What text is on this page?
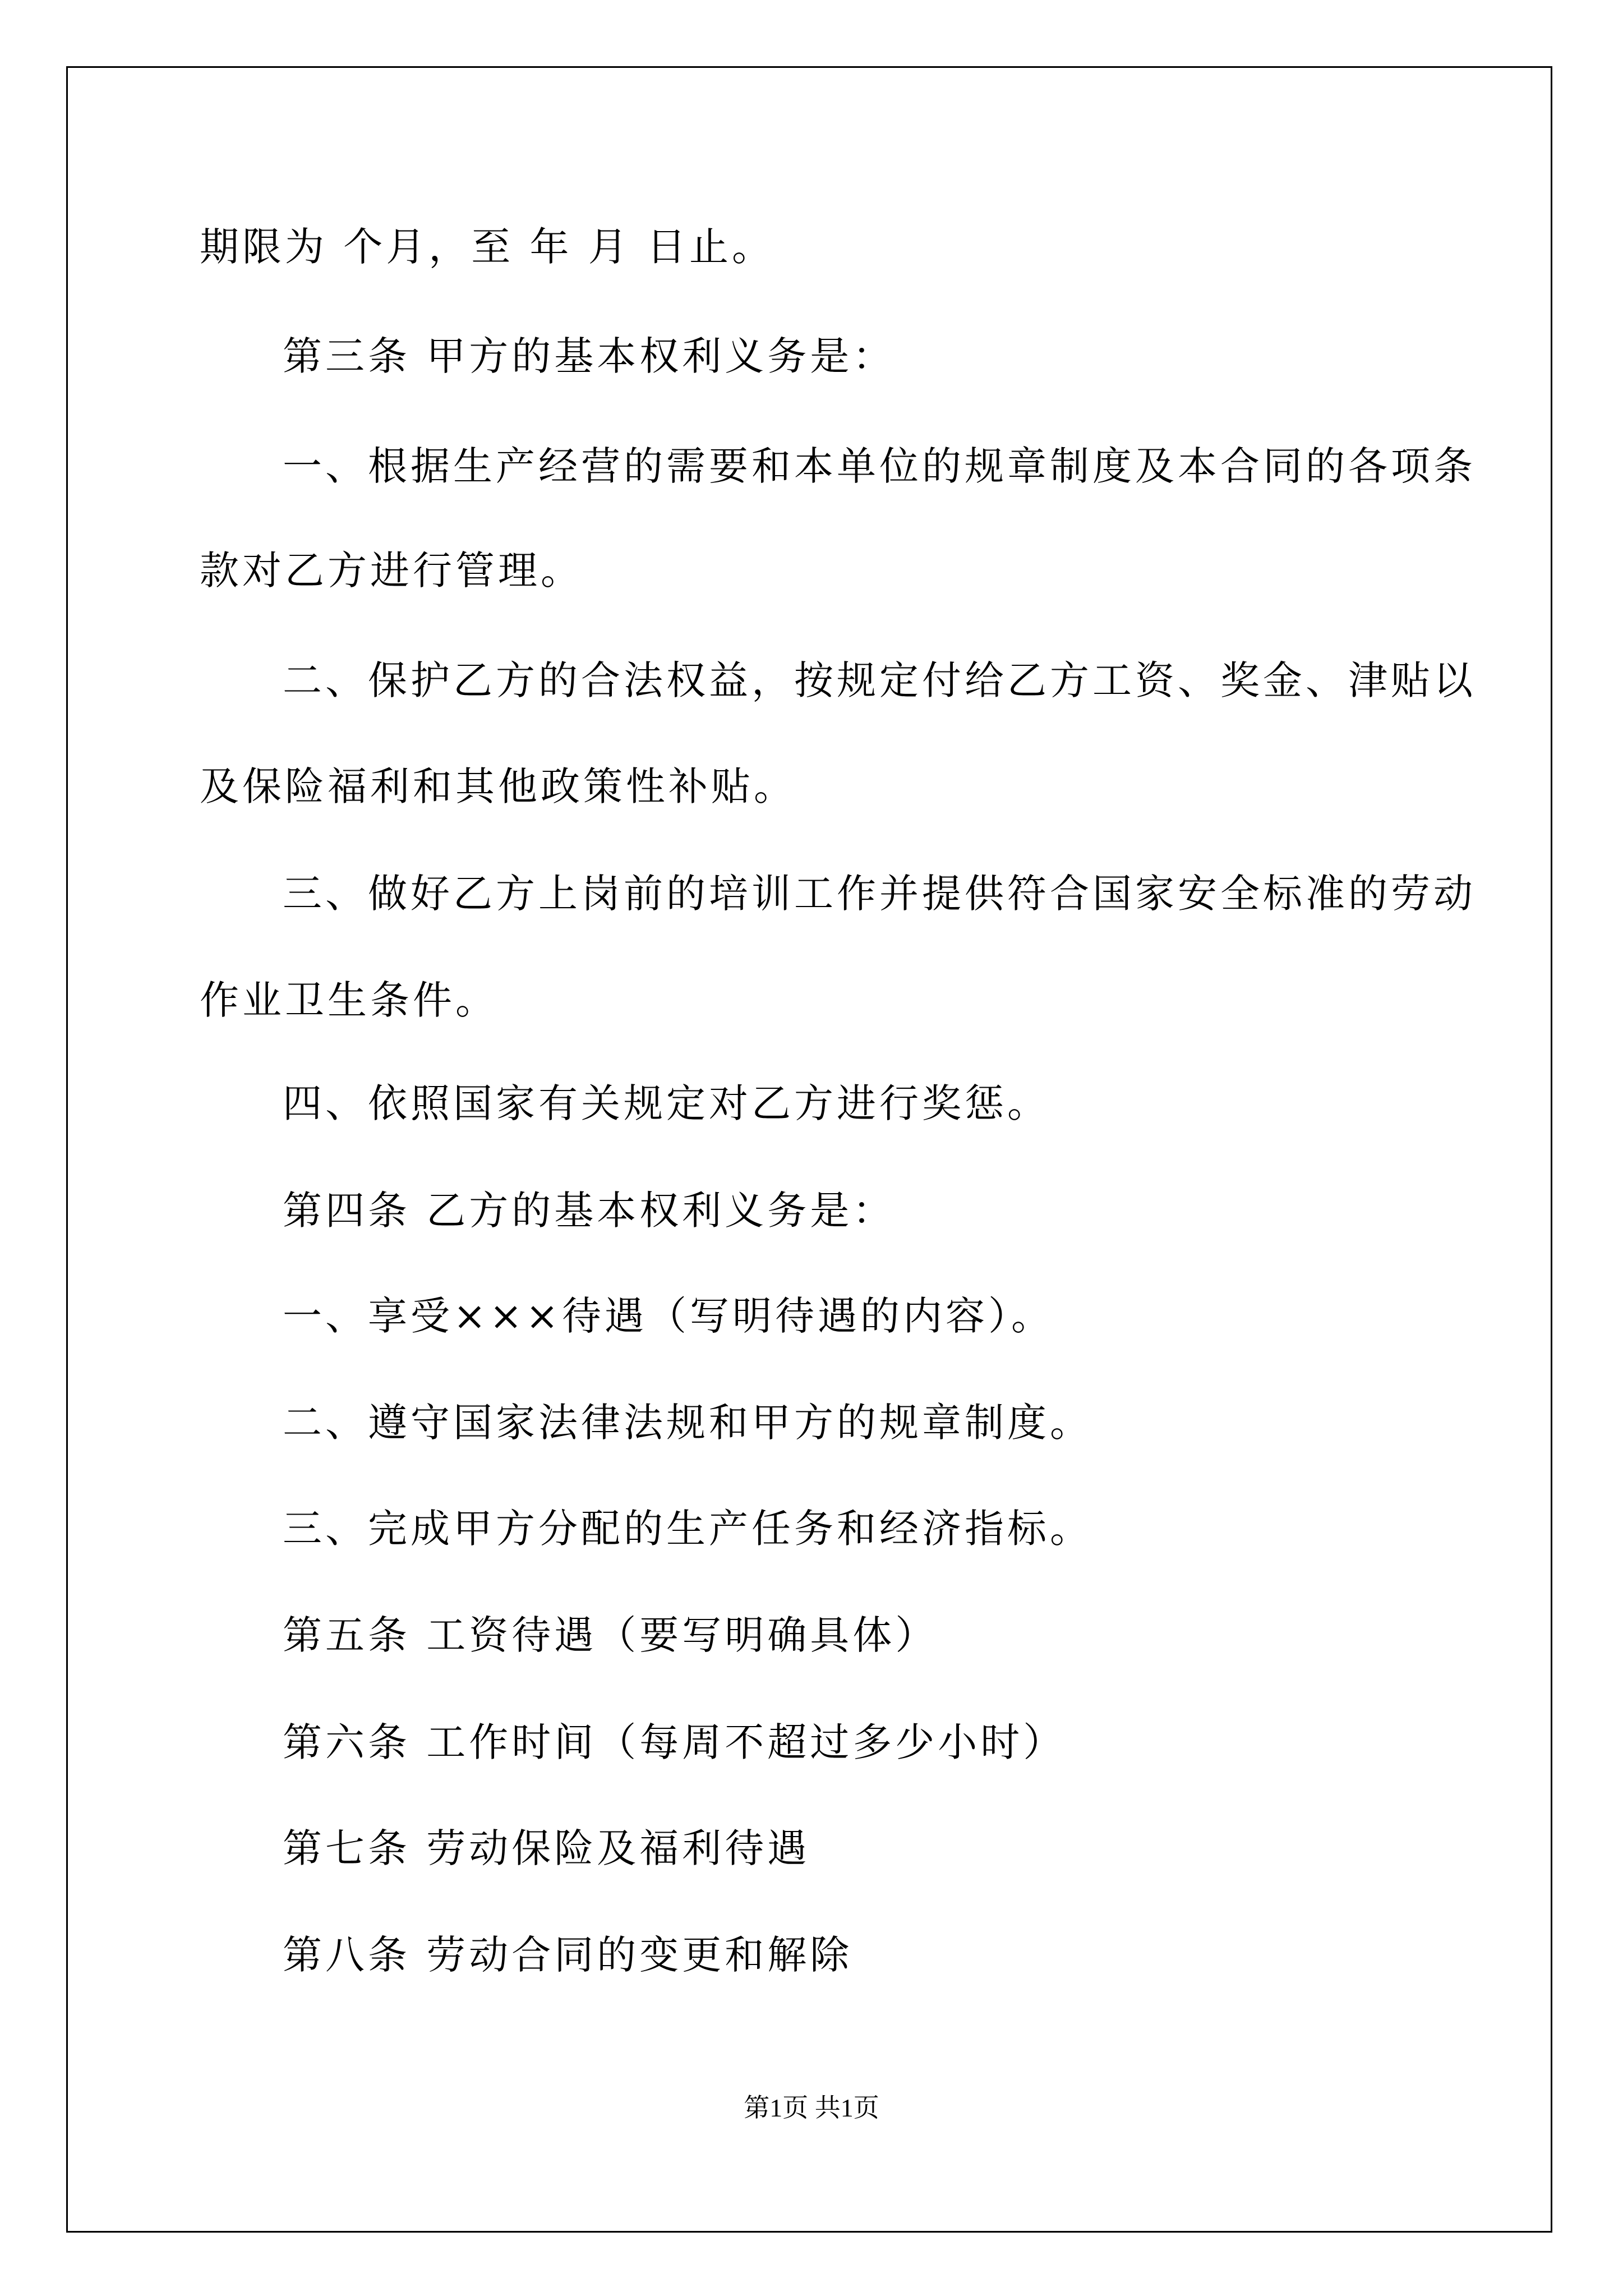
期限为 个月，至 年 月 日止。
第三条 甲方的基本权利义务是：
一、根据生产经营的需要和本单位的规章制度及本合同的各项条
款对乙方进行管理。
二、保护乙方的合法权益，按规定付给乙方工资、奖金、津贴以
及保险福利和其他政策性补贴。
三、做好乙方上岗前的培训工作并提供符合国家安全标准的劳动
作业卫生条件。
四、依照国家有关规定对乙方进行奖惩。
第四条 乙方的基本权利义务是：
一、享受×××待遇（写明待遇的内容）。
二、遵守国家法律法规和甲方的规章制度。
三、完成甲方分配的生产任务和经济指标。
第五条 工资待遇（要写明确具体）
第六条 工作时间（每周不超过多少小时）
第七条 劳动保险及福利待遇
第八条 劳动合同的变更和解除
第1页 共1页
